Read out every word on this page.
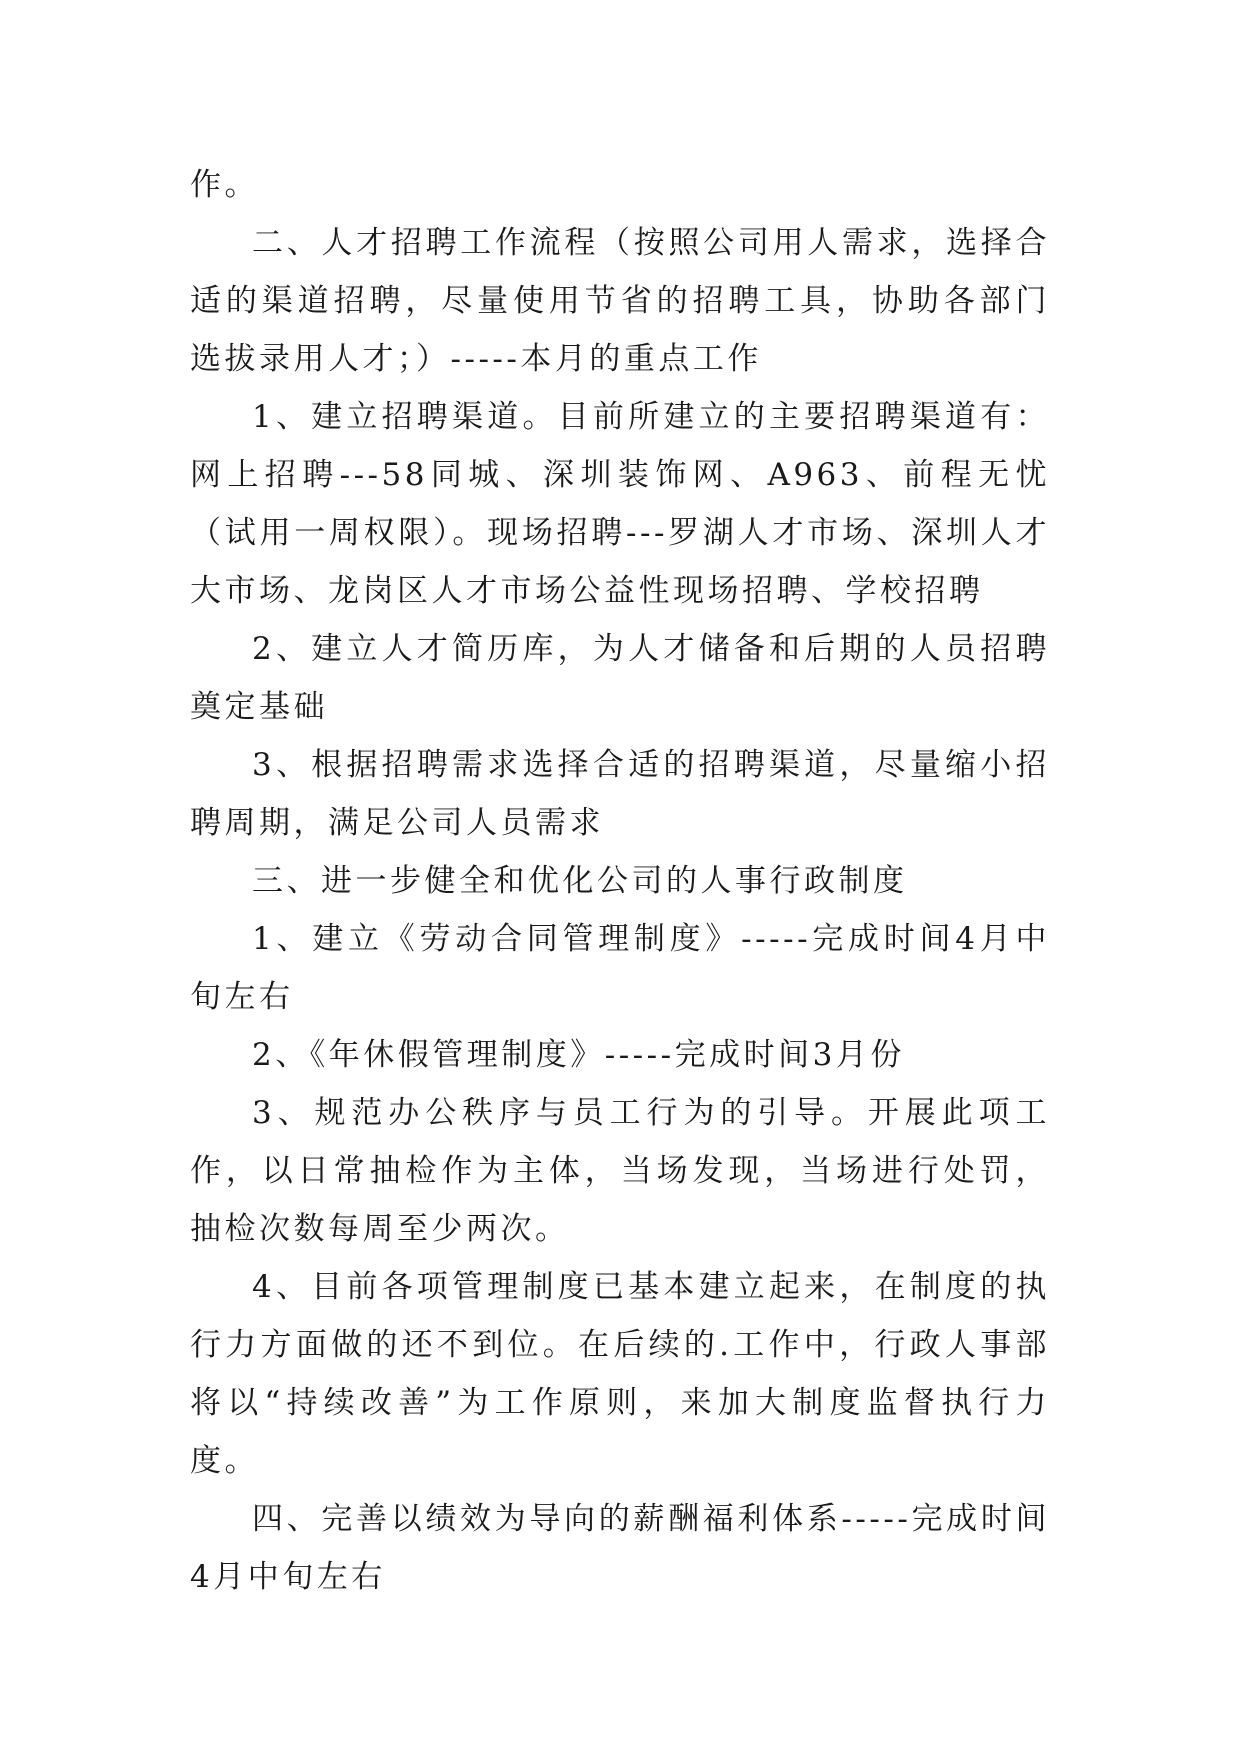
作。

二、人才招聘工作流程（按照公司用人需求，选择合适的渠道招聘，尽量使用节省的招聘工具，协助各部门选拔录用人才；）-----本月的重点工作

1、建立招聘渠道。目前所建立的主要招聘渠道有：网上招聘---58同城、深圳装饰网、A963、前程无忧（试用一周权限）。现场招聘---罗湖人才市场、深圳人才大市场、龙岗区人才市场公益性现场招聘、学校招聘

2、建立人才简历库，为人才储备和后期的人员招聘奠定基础

3、根据招聘需求选择合适的招聘渠道，尽量缩小招聘周期，满足公司人员需求

三、进一步健全和优化公司的人事行政制度

1、建立《劳动合同管理制度》-----完成时间4月中旬左右

2、《年休假管理制度》-----完成时间3月份

3、规范办公秩序与员工行为的引导。开展此项工作，以日常抽检作为主体，当场发现，当场进行处罚，抽检次数每周至少两次。

4、目前各项管理制度已基本建立起来，在制度的执行力方面做的还不到位。在后续的.工作中，行政人事部将以“持续改善”为工作原则，来加大制度监督执行力度。

四、完善以绩效为导向的薪酬福利体系-----完成时间4月中旬左右
